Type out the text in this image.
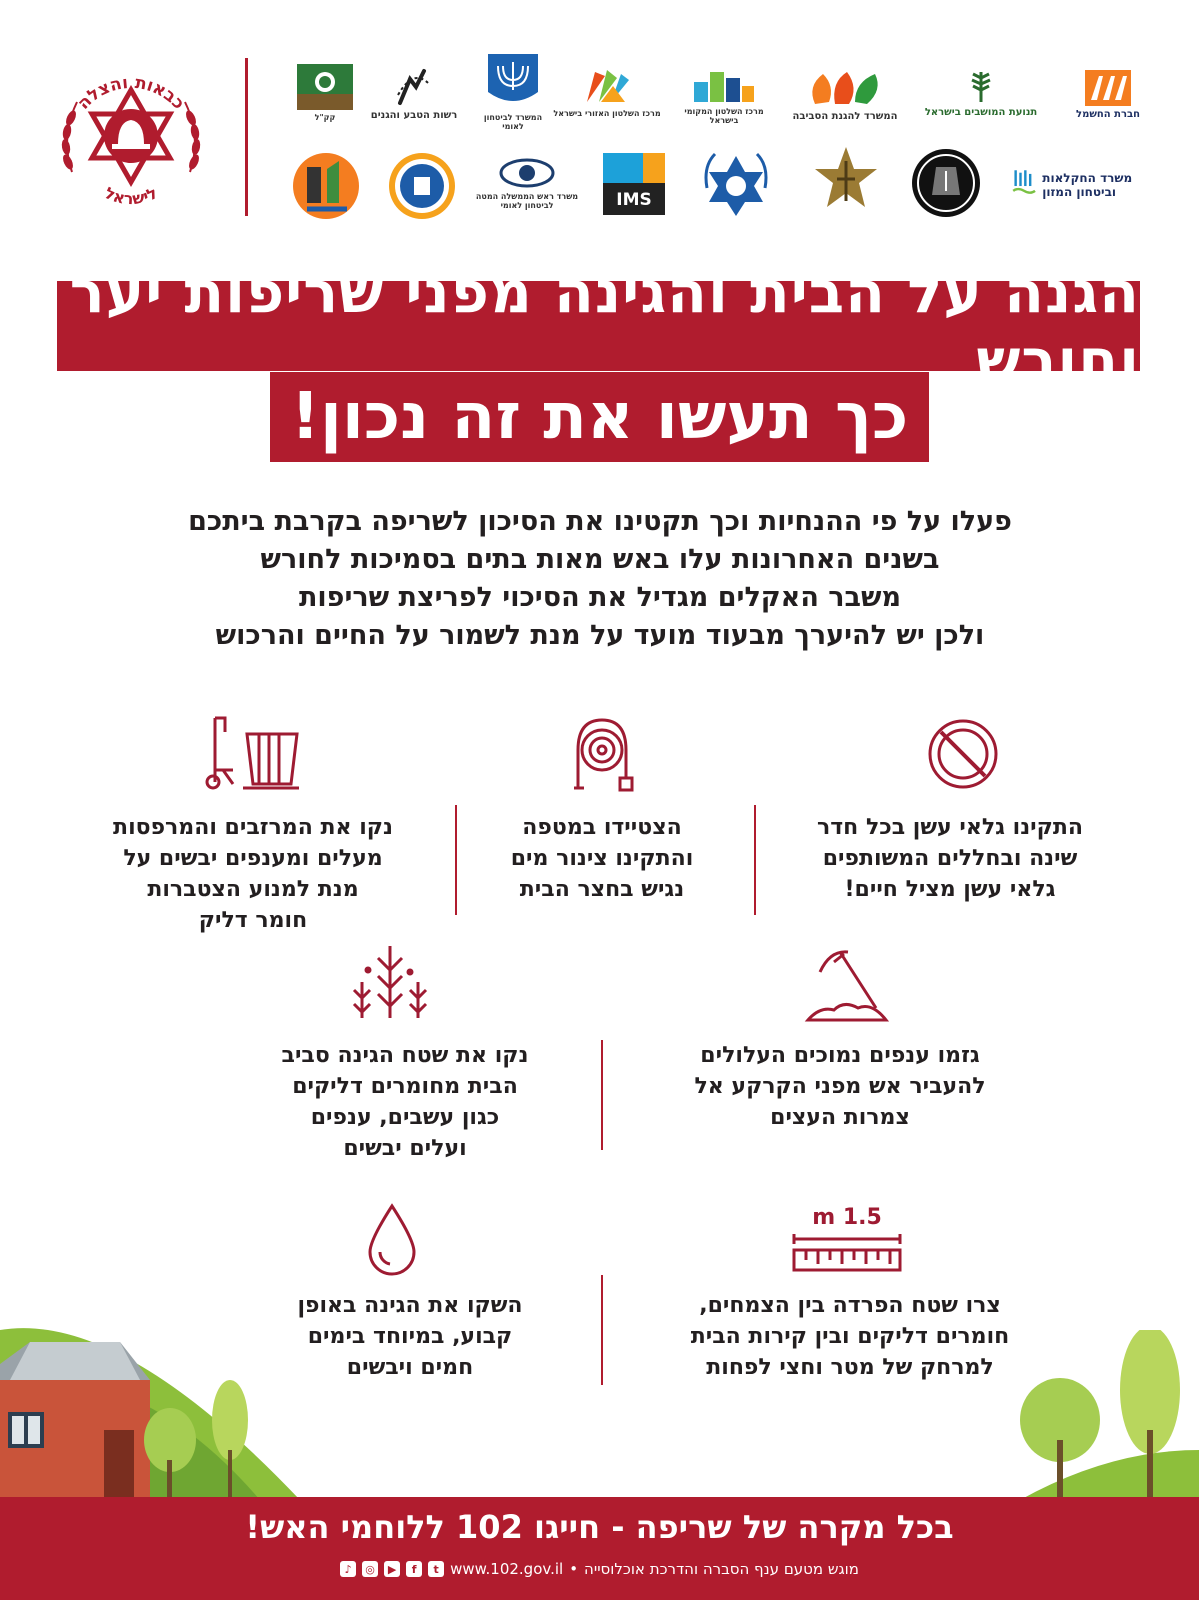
כבאות והצלה
לישראל
חברת החשמל
תנועת המושבים בישראל
המשרד להגנת הסביבה
מרכז השלטון המקומי בישראל
מרכז השלטון האזורי בישראל
המשרד לביטחון לאומי
רשות הטבע והגנים
קק"ל
משרד החקלאות וביטחון המזון
IMS
משרד ראש הממשלה המטה לביטחון לאומי
הגנה על הבית והגינה מפני שריפות יער וחורש
כך תעשו את זה נכון!

פעלו על פי ההנחיות וכך תקטינו את הסיכון לשריפה בקרבת ביתכם

בשנים האחרונות עלו באש מאות בתים בסמיכות לחורש

משבר האקלים מגדיל את הסיכוי לפריצת שריפות

ולכן יש להיערך מבעוד מועד על מנת לשמור על החיים והרכוש

התקינו גלאי עשן בכל חדר
שינה ובחללים המשותפים
גלאי עשן מציל חיים!
הצטיידו במטפה
והתקינו צינור מים
נגיש בחצר הבית
נקו את המרזבים והמרפסות
מעלים ומענפים יבשים על
מנת למנוע הצטברות
חומר דליק
גזמו ענפים נמוכים העלולים
להעביר אש מפני הקרקע אל
צמרות העצים
נקו את שטח הגינה סביב
הבית מחומרים דליקים
כגון עשבים, ענפים
ועלים יבשים
1.5 m
צרו שטח הפרדה בין הצמחים,
חומרים דליקים ובין קירות הבית
למרחק של מטר וחצי לפחות
השקו את הגינה באופן
קבוע, במיוחד בימים
חמים ויבשים
בכל מקרה של שריפה - חייגו 102 ללוחמי האש!
מוגש מטעם ענף הסברה והדרכת אוכלוסייה
•
www.102.gov.il
t
f
▶
◎
♪
